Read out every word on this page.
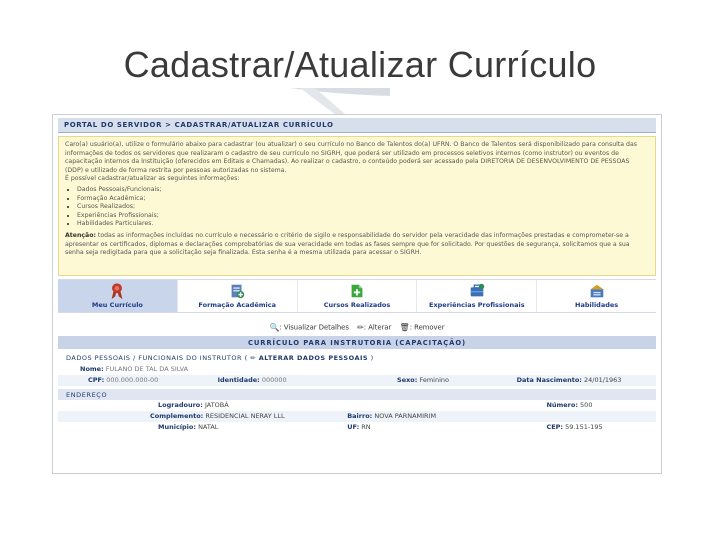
Cadastrar/Atualizar Currículo
PORTAL DO SERVIDOR > CADASTRAR/ATUALIZAR CURRÍCULO

Caro(a) usuário(a), utilize o formulário abaixo para cadastrar (ou atualizar) o seu currículo no Banco de Talentos do(a) UFRN. O Banco de Talentos será disponibilizado para consulta das informações de todos os servidores que realizaram o cadastro de seu currículo no SIGRH, que poderá ser utilizado em processos seletivos internos (como instrutor) ou eventos de capacitação internos da Instituição (oferecidos em Editais e Chamadas). Ao realizar o cadastro, o conteúdo poderá ser acessado pela DIRETORIA DE DESENVOLVIMENTO DE PESSOAS (DDP) e utilizado de forma restrita por pessoas autorizadas no sistema.

É possível cadastrar/atualizar as seguintes informações:

▪ Dados Pessoais/Funcionais;
▪ Formação Acadêmica;
▪ Cursos Realizados;
▪ Experiências Profissionais;
▪ Habilidades Particulares.

Atenção: todas as informações incluídas no currículo e necessário o critério de sigilo e responsabilidade do servidor pela veracidade das informações prestadas e comprometer-se a apresentar os certificados, diplomas e declarações comprobatórias de sua veracidade em todas as fases sempre que for solicitado. Por questões de segurança, solicitamos que a sua senha seja redigitada para que a solicitação seja finalizada. Esta senha é a mesma utilizada para acessar o SIGRH.

Meu Currículo	Formação Acadêmica	Cursos Realizados	Experiências Profissionais	Habilidades
🔍: Visualizar Detalhes ✏: Alterar 🗑: Remover
CURRÍCULO PARA INSTRUTORIA (CAPACITAÇÃO)
DADOS PESSOAIS / FUNCIONAIS DO INSTRUTOR ( ✏ ALTERAR DADOS PESSOAIS )
Nome: FULANO DE TAL DA SILVA
CPF: 000.000.000-00	Identidade: 000000	Sexo: Feminino	Data Nascimento: 24/01/1963
ENDEREÇO
Logradouro: JATOBÁ	Número: 500
Complemento: RESIDENCIAL NERAY LLL	Bairro: NOVA PARNAMIRIM
Município: NATAL	UF: RN	CEP: 59.151-195
